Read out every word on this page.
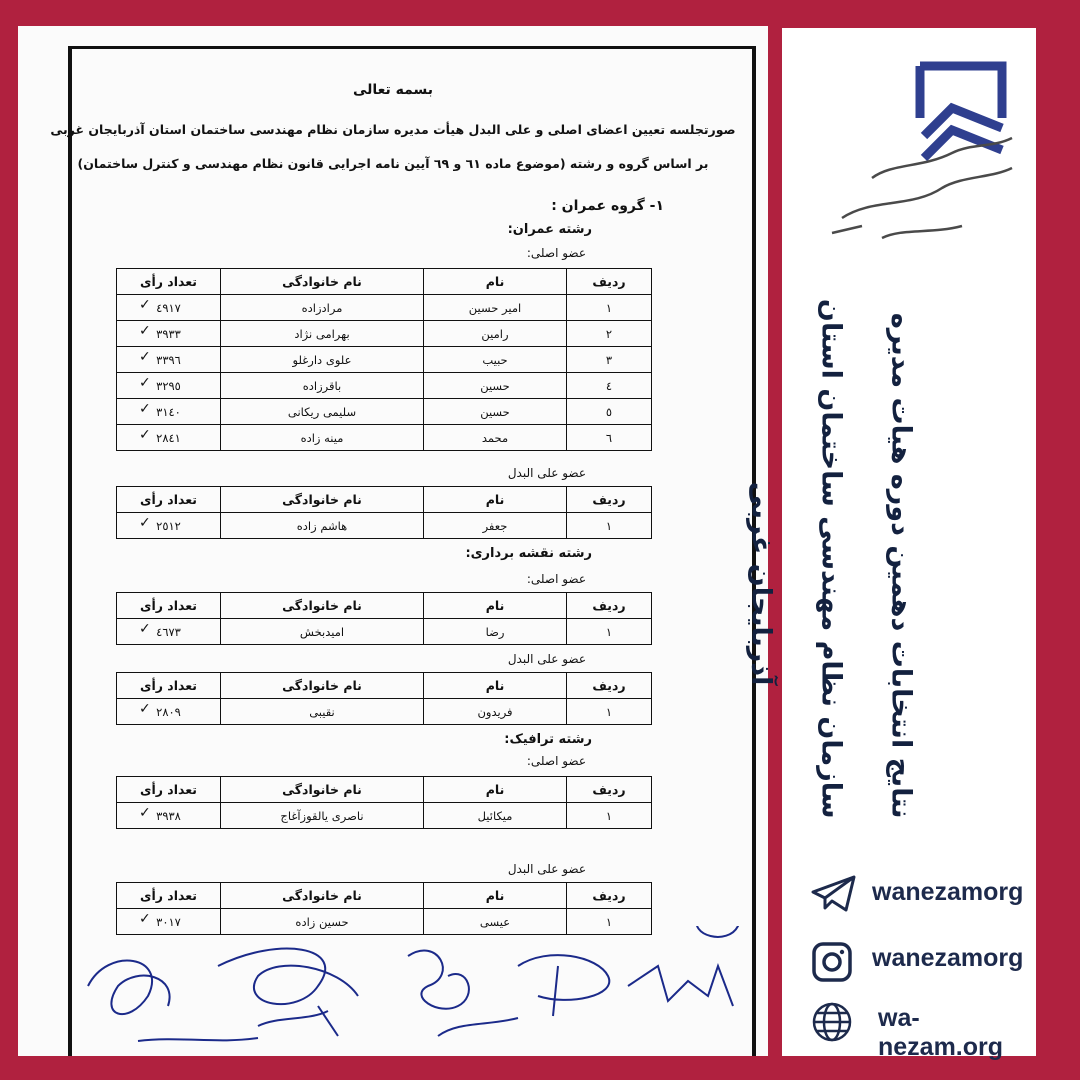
بسمه تعالی
صورتجلسه تعیین اعضای اصلی و علی البدل هیأت مدیره سازمان نظام مهندسی ساختمان استان آذربایجان غربی
بر اساس گروه و رشته (موضوع ماده ٦١ و ٦٩ آیین نامه اجرایی قانون نظام مهندسی و کنترل ساختمان)
١- گروه عمران :
رشته عمران:
عضو اصلی:
ردیف	نام	نام خانوادگی	تعداد رأی
١	امیر حسین	مرادزاده	٤٩١٧
✓

٢	رامین	بهرامی نژاد	٣٩٣٣
✓

٣	حبیب	علوی دارغلو	٣٣٩٦
✓

٤	حسین	باقرزاده	٣٢٩٥
✓

٥	حسین	سلیمی ریکانی	٣١٤٠
✓

٦	محمد	مینه زاده	٢٨٤١
✓
عضو علی البدل
ردیف	نام	نام خانوادگی	تعداد رأی
١	جعفر	هاشم زاده	٢٥١٢
✓
رشته نقشه برداری:
عضو اصلی:
ردیف	نام	نام خانوادگی	تعداد رأی
١	رضا	امیدبخش	٤٦٧٣
✓
عضو علی البدل
ردیف	نام	نام خانوادگی	تعداد رأی
١	فریدون	نقیبی	٢٨٠٩
✓
رشته ترافیک:
عضو اصلی:
ردیف	نام	نام خانوادگی	تعداد رأی
١	میکائیل	ناصری یالقوزآغاج	٣٩٣٨
✓
عضو علی البدل
ردیف	نام	نام خانوادگی	تعداد رأی
١	عیسی	حسین زاده	٣٠١٧
✓
نتایج انتخابات دهمین دوره هیات مدیره
سازمان نظام مهندسی ساختمان استان
آذربایجان غربی
wanezamorg
wanezamorg
wa-nezam.org
